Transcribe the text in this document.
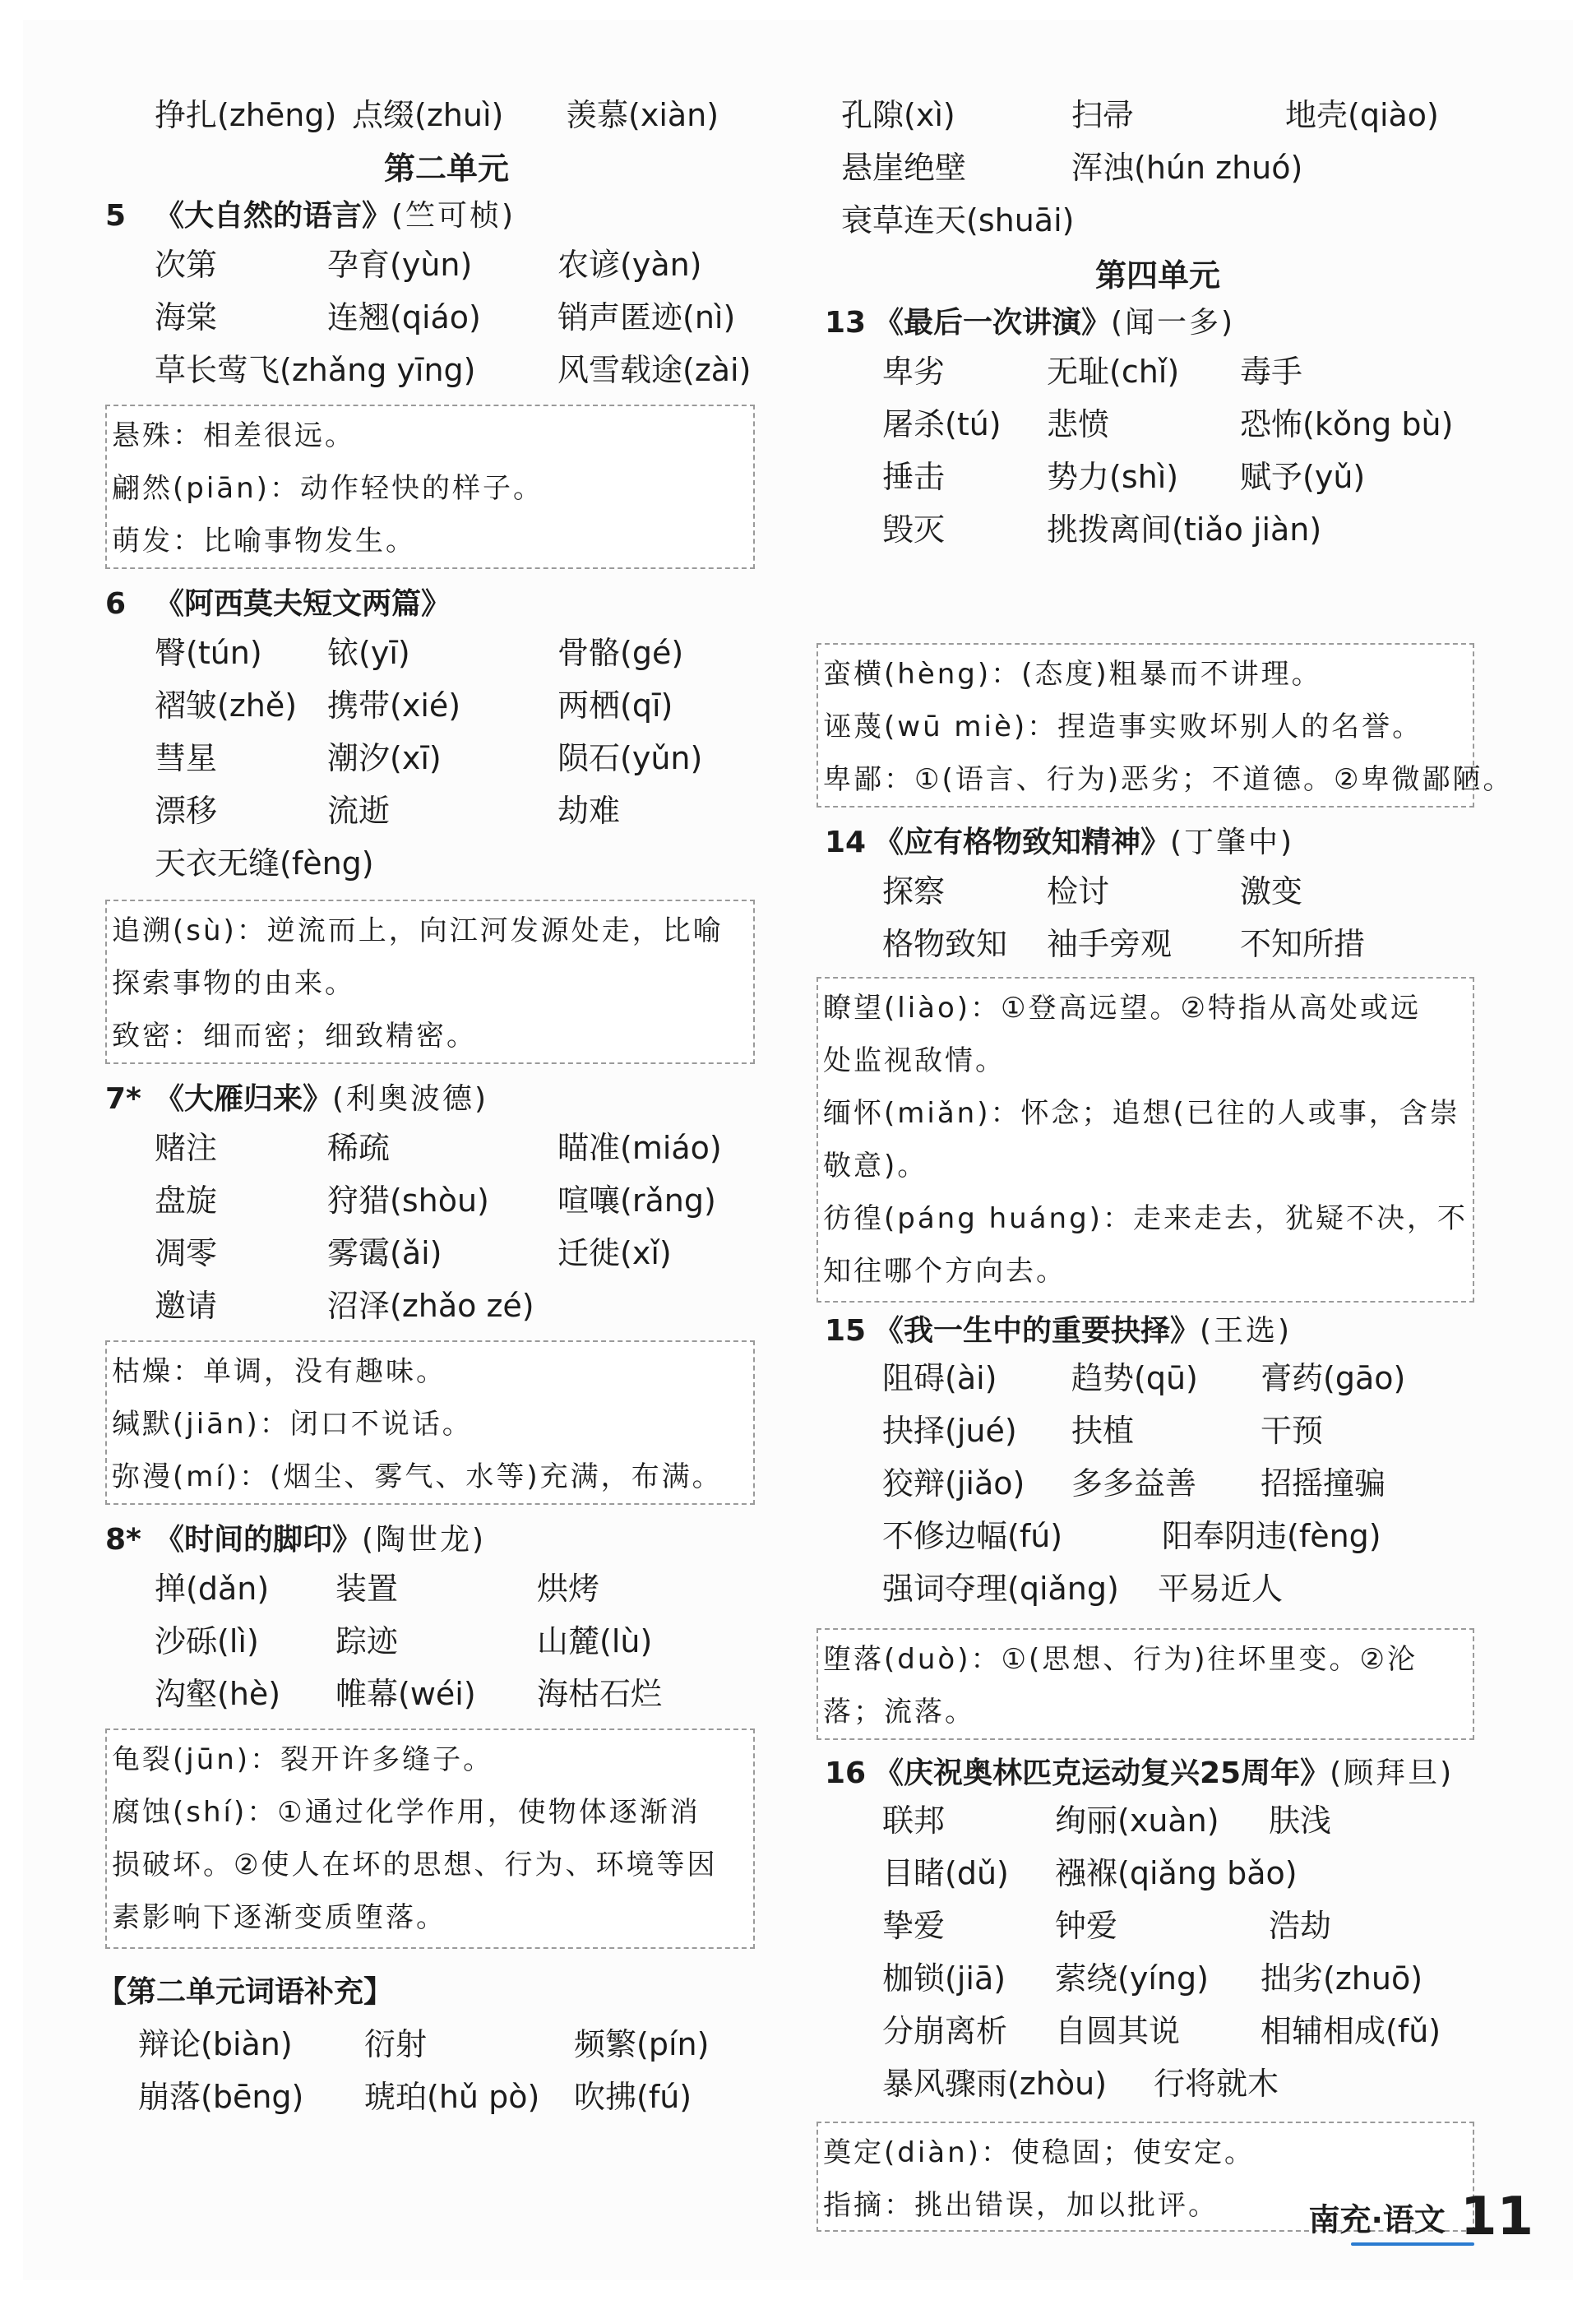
挣扎(zhēng) 点缀(zhuì) 羡慕(xiàn)
第二单元
5 《大自然的语言》(竺可桢)
次第	孕育(yùn)	农谚(yàn)
海棠	连翘(qiáo) 销声匿迹(nì)
草长莺飞(zhǎng yīng)	风雪载途(zài)
悬殊：相差很远。
翩然(piān)：动作轻快的样子。
萌发：比喻事物发生。
6 《阿西莫夫短文两篇》
臀(tún) 铱(yī)	骨骼(gé)
褶皱(zhě) 携带(xié)	两栖(qī)
彗星	潮汐(xī)	陨石(yǔn)
漂移	流逝	劫难
天衣无缝(fèng)
追溯(sù)：逆流而上，向江河发源处走，比喻
探索事物的由来。
致密：细而密；细致精密。
7* 《大雁归来》(利奥波德)
赌注	稀疏	瞄准(miáo)
盘旋	狩猎(shòu) 喧嚷(rǎng)
凋零	雾霭(ǎi)	迁徙(xǐ)
邀请	沼泽(zhǎo zé)
枯燥：单调，没有趣味。
缄默(jiān)：闭口不说话。
弥漫(mí)：(烟尘、雾气、水等)充满，布满。
8* 《时间的脚印》(陶世龙)
掸(dǎn) 装置	烘烤
沙砾(lì) 踪迹	山麓(lù)
沟壑(hè) 帷幕(wéi) 海枯石烂
龟裂(jūn)：裂开许多缝子。
腐蚀(shí)：①通过化学作用，使物体逐渐消
损破坏。②使人在坏的思想、行为、环境等因
素影响下逐渐变质堕落。
【第二单元词语补充】
辩论(biàn) 衍射	频繁(pín)
崩落(bēng) 琥珀(hǔ pò) 吹拂(fú)
孔隙(xì)	扫帚	地壳(qiào)
悬崖绝壁	浑浊(hún zhuó)
衰草连天(shuāi)
第四单元
13 《最后一次讲演》(闻一多)
卑劣	无耻(chǐ) 毒手
屠杀(tú) 悲愤	恐怖(kǒng bù)
捶击	势力(shì) 赋予(yǔ)
毁灭	挑拨离间(tiǎo jiàn)
蛮横(hèng)：(态度)粗暴而不讲理。
诬蔑(wū miè)：捏造事实败坏别人的名誉。
卑鄙：①(语言、行为)恶劣；不道德。②卑微鄙陋。
14 《应有格物致知精神》(丁肇中)
探察	检讨	激变
格物致知 袖手旁观 不知所措
瞭望(liào)：①登高远望。②特指从高处或远
处监视敌情。
缅怀(miǎn)：怀念；追想(已往的人或事，含崇
敬意)。
彷徨(páng huáng)：走来走去，犹疑不决，不
知往哪个方向去。
15 《我一生中的重要抉择》(王选)
阻碍(ài) 趋势(qū) 膏药(gāo)
抉择(jué) 扶植	干预
狡辩(jiǎo) 多多益善 招摇撞骗
不修边幅(fú)	阳奉阴违(fèng)
强词夺理(qiǎng) 平易近人
堕落(duò)：①(思想、行为)往坏里变。②沦
落；流落。
16 《庆祝奥林匹克运动复兴25周年》(顾拜旦)
联邦	绚丽(xuàn) 肤浅
目睹(dǔ) 襁褓(qiǎng bǎo)
挚爱	钟爱	浩劫
枷锁(jiā) 萦绕(yíng) 拙劣(zhuō)
分崩离析 自圆其说	相辅相成(fǔ)
暴风骤雨(zhòu) 行将就木
奠定(diàn)：使稳固；使安定。
指摘：挑出错误，加以批评。	南充·语文 11
